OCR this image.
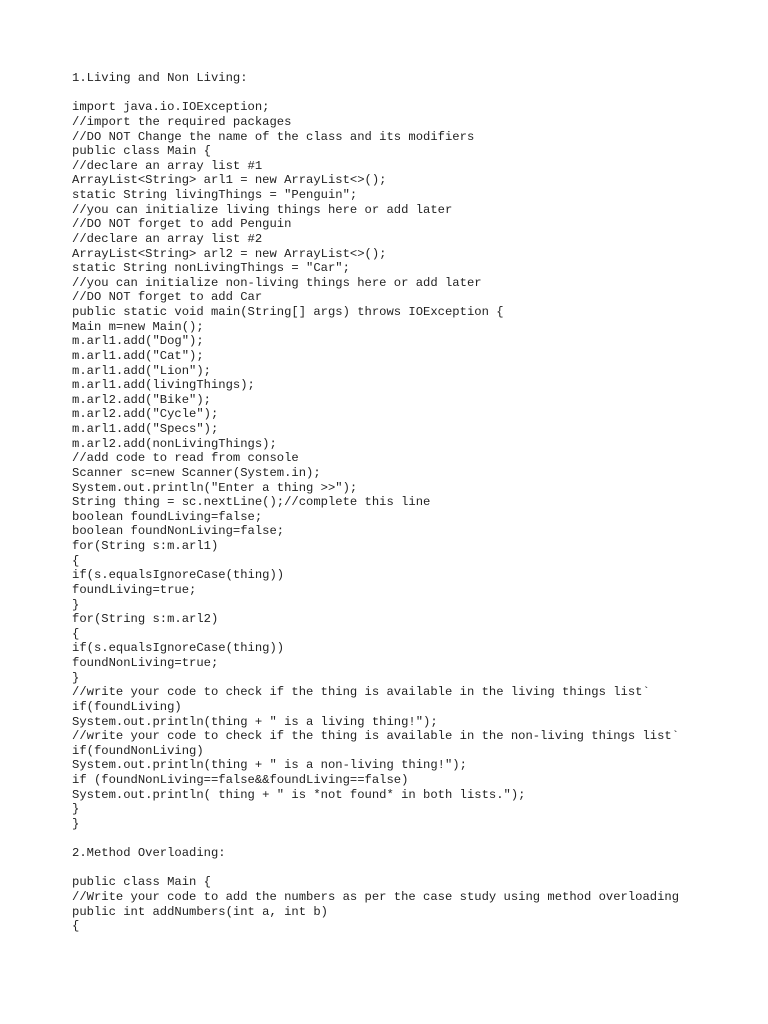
1.Living and Non Living:
import java.io.IOException;
//import the required packages
//DO NOT Change the name of the class and its modifiers
public class Main {
//declare an array list #1
ArrayList<String> arl1 = new ArrayList<>();
static String livingThings = "Penguin";
//you can initialize living things here or add later
//DO NOT forget to add Penguin
//declare an array list #2
ArrayList<String> arl2 = new ArrayList<>();
static String nonLivingThings = "Car";
//you can initialize non-living things here or add later
//DO NOT forget to add Car
public static void main(String[] args) throws IOException {
Main m=new Main();
m.arl1.add("Dog");
m.arl1.add("Cat");
m.arl1.add("Lion");
m.arl1.add(livingThings);
m.arl2.add("Bike");
m.arl2.add("Cycle");
m.arl1.add("Specs");
m.arl2.add(nonLivingThings);
//add code to read from console
Scanner sc=new Scanner(System.in);
System.out.println("Enter a thing >>");
String thing = sc.nextLine();//complete this line
boolean foundLiving=false;
boolean foundNonLiving=false;
for(String s:m.arl1)
{
if(s.equalsIgnoreCase(thing))
foundLiving=true;
}
for(String s:m.arl2)
{
if(s.equalsIgnoreCase(thing))
foundNonLiving=true;
}
//write your code to check if the thing is available in the living things list`
if(foundLiving)
System.out.println(thing + " is a living thing!");
//write your code to check if the thing is available in the non-living things list`
if(foundNonLiving)
System.out.println(thing + " is a non-living thing!");
if (foundNonLiving==false&&foundLiving==false)
System.out.println( thing + " is *not found* in both lists.");
}
}
2.Method Overloading:
public class Main {
//Write your code to add the numbers as per the case study using method overloading
public int addNumbers(int a, int b)
{
